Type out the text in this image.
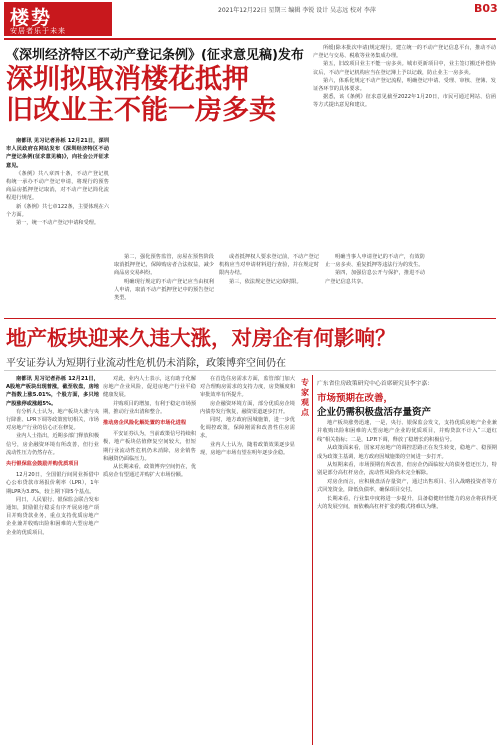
楼势
安居者乐于未来
2021年12月22日 星期三 编辑 李锐 设计 吴志远 校对 李萍	B03
《深圳经济特区不动产登记条例》(征求意见稿)发布
深圳拟取消楼花抵押
旧改业主不能一房多卖

南都讯 见习记者孙栎 12月21日，深圳市人民政府在网站发布《深圳经济特区不动产登记条例(征求意见稿)》，向社会公开征求意见。

《条例》共八章四十条，不动产登记机构统一承办不动产登记申请，将现行的预售商品房抵押登记取消，对不动产登记简化流程进行规范。

新《条例》共七章122条，主要体现在六个方面。

第一，统一不动产登记申请和受理。

第二，强化预售监管，房屋在预售阶段取消抵押登记，保障购房者合法权益，减少商品房交易纠纷。

明确现行规定的不动产登记应当由权利人申请，取消不动产抵押登记中的预告登记类型。

或者抵押权人要求登记前，不动产登记机构应当对申请材料进行查验，并在规定时限内办结。

第三，依法规定登记完成时限。

明确当事人申请登记的不动产，有效防止一房多卖、重复抵押等违法行为的发生。

第四，加强信息公开与保护，推进不动产登记信息共享。

所缓(除本批次申请)规定现行。建立统一的不动产登记信息平台，推动不动产登记与交易、税收等业务集成办理。

第五，旧改项目业主不能一房多卖。城市更新项目中，业主签订搬迁补偿协议后，不动产登记机构应当在登记簿上予以记载，防止业主一房多卖。

第六，体系化规定不动产登记流程，明确登记申请、受理、审核、登簿、发证各环节的具体要求。

据悉，该《条例》征求意见截至2022年1月20日，市民可通过网站、信函等方式提出意见和建议。

地产板块迎来久违大涨，对房企有何影响？
平安证券认为短期行业流动性危机仍未消除，政策博弈空间仍在

南都讯 见习记者孙栎 12月21日，A股地产板块出现普涨，截至收盘，房地产指数上涨5.01%，个股方面，多只地产股涨停或涨超5%。

有分析人士认为，地产板块大涨与央行降准、LPR下调等政策密切相关，市场对房地产行业的信心正在修复。

业内人士指出，近期多部门释放积极信号，房企融资环境有所改善，但行业流动性压力仍然存在。

央行银保监会鼓励并购优质项目

12月20日，全国银行间同业拆借中心公布贷款市场报价利率（LPR），1年期LPR为3.8%，较上期下降5个基点。

同日，人民银行、银保监会联合发布通知，鼓励银行稳妥有序开展房地产项目并购贷款业务，重点支持优质房地产企业兼并收购出险和困难的大型房地产企业的优质项目。

对此，业内人士表示，这有助于化解房地产企业风险，促进房地产行业平稳健康发展。

并购项目的增加，有利于稳定市场预期，推动行业出清和整合。

推动房企风险化解处置的市场化进程

平安证券认为，当前政策信号持续积极，地产板块估值修复空间较大，但短期行业流动性危机仍未消除，房企销售和融资仍面临压力。

从长期来看，政策博弈空间仍在，优质房企有望通过并购扩大市场份额。

在首选住房需求方面，监管部门加大对合理购房需求的支持力度，房贷额度和审批效率有所提升。

房企融资环境方面，部分优质房企境内债券发行恢复，融资渠道逐步打开。

同时，地方政府因城施策，进一步优化调控政策，保障刚需和改善性住房需求。

业内人士认为，随着政策效果逐步显现，房地产市场有望在明年逐步企稳。

专家观点
广东省住房政策研究中心首席研究员李宇嘉：
市场预期在改善，
企业仍需积极盘活存量资产

地产板块涨势迅速，一是，央行、银保监会发文，支持优质房地产企业兼并收购出险和困难的大型房地产企业的优质项目，并购贷款不计入“三道红线”相关指标；二是，LPR下调，释放了稳增长的积极信号。

从政策面来看，国家对房地产的调控思路正在发生转变，稳地产、稳预期成为政策主基调，地方政府因城施策的空间进一步打开。

从短期来看，市场预期有所改善，但房企仍面临较大的债务偿还压力，特别是部分高杠杆房企，流动性风险尚未完全解除。

对房企而言，应积极盘活存量资产，通过出售项目、引入战略投资者等方式回笼资金，降低负债率，确保项目交付。

长期来看，行业集中度将进一步提升，具备稳健经营能力的房企将获得更大的发展空间，而依赖高杠杆扩张的模式将难以为继。
